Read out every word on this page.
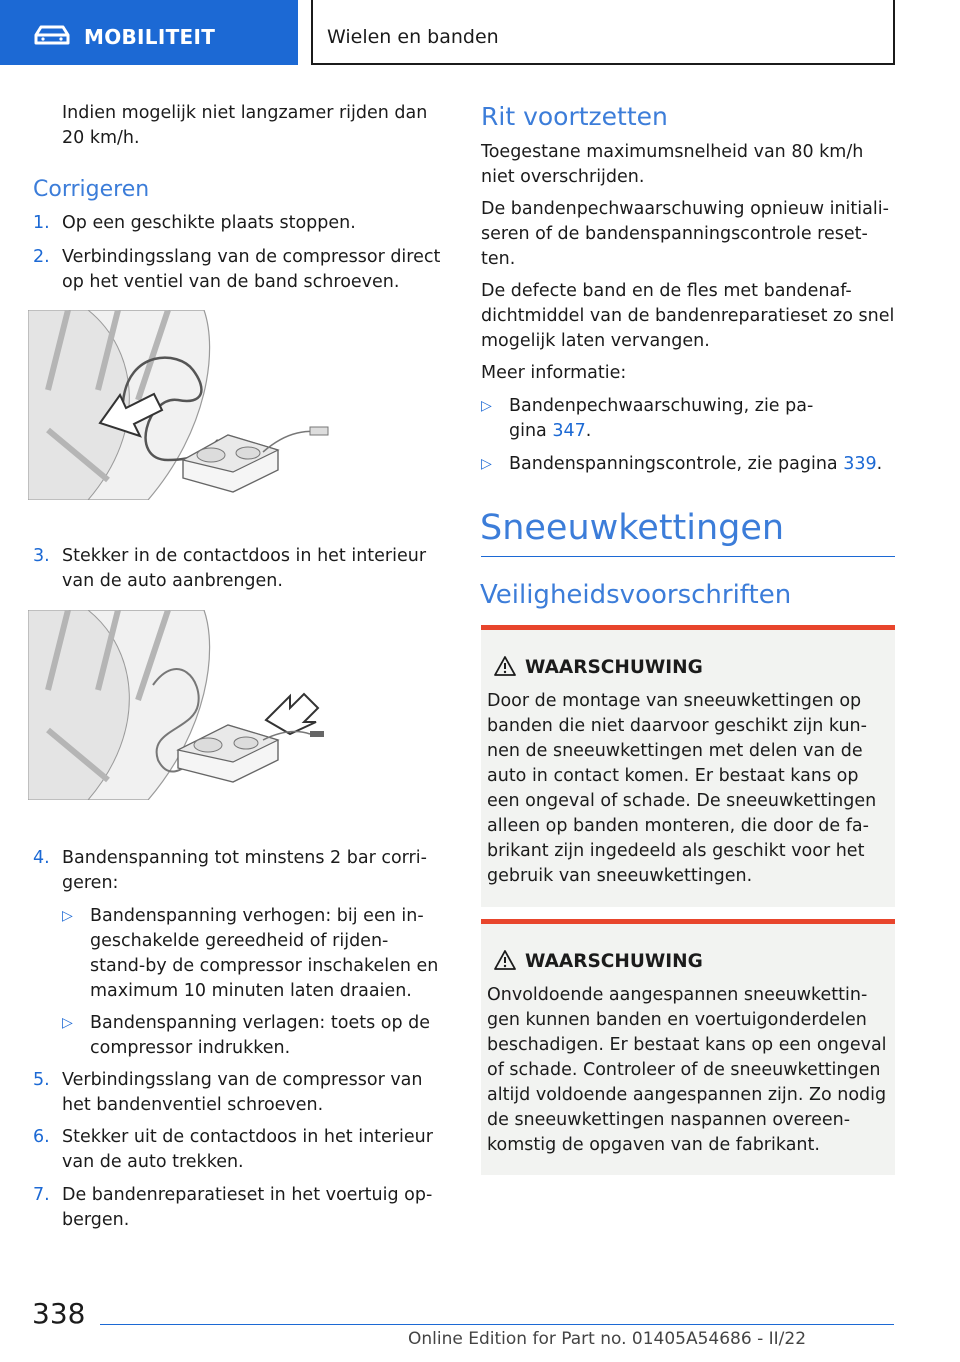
MOBILITEIT	Wielen en banden
Indien mogelijk niet langzamer rijden dan
20 km/h.
Corrigeren
1. Op een geschikte plaats stoppen.
2. Verbindingsslang van de compressor direct
op het ventiel van de band schroeven.
3. Stekker in de contactdoos in het interieur
van de auto aanbrengen.
4. Bandenspanning tot minstens 2 bar corri-
geren:
▷ Bandenspanning verhogen: bij een in-
geschakelde gereedheid of rijden-
stand-by de compressor inschakelen en
maximum 10 minuten laten draaien.
▷ Bandenspanning verlagen: toets op de
compressor indrukken.
5. Verbindingsslang van de compressor van
het bandenventiel schroeven.
6. Stekker uit de contactdoos in het interieur
van de auto trekken.
7. De bandenreparatieset in het voertuig op-
bergen.
Rit voortzetten
Toegestane maximumsnelheid van 80 km/h
niet overschrijden.
De bandenpechwaarschuwing opnieuw initiali-
seren of de bandenspanningscontrole reset-
ten.
De defecte band en de fles met bandenaf-
dichtmiddel van de bandenreparatieset zo snel
mogelijk laten vervangen.
Meer informatie:
▷ Bandenpechwaarschuwing, zie pa-
gina 347.
▷ Bandenspanningscontrole, zie pagina 339.
Sneeuwkettingen
Veiligheidsvoorschriften
WAARSCHUWING
Door de montage van sneeuwkettingen op
banden die niet daarvoor geschikt zijn kun-
nen de sneeuwkettingen met delen van de
auto in contact komen. Er bestaat kans op
een ongeval of schade. De sneeuwkettingen
alleen op banden monteren, die door de fa-
brikant zijn ingedeeld als geschikt voor het
gebruik van sneeuwkettingen.
WAARSCHUWING
Onvoldoende aangespannen sneeuwkettin-
gen kunnen banden en voertuigonderdelen
beschadigen. Er bestaat kans op een ongeval
of schade. Controleer of de sneeuwkettingen
altijd voldoende aangespannen zijn. Zo nodig
de sneeuwkettingen naspannen overeen-
komstig de opgaven van de fabrikant.
338
Online Edition for Part no. 01405A54686 - II/22
